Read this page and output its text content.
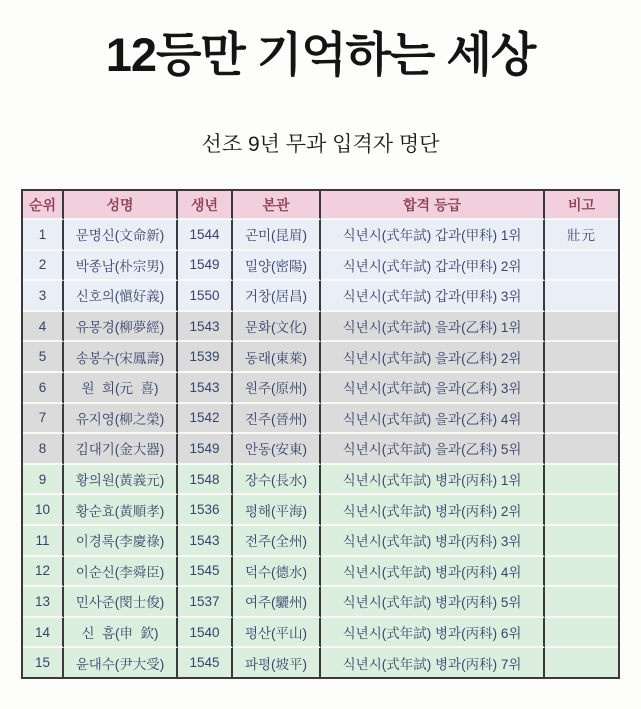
12등만 기억하는 세상
선조 9년 무과 입격자 명단
순위	성명	생년	본관	합격 등급	비고
1	문명신(文命新)	1544	곤미(昆眉)	식년시(式年試) 갑과(甲科) 1위	壯元
2	박종남(朴宗男)	1549	밀양(密陽)	식년시(式年試) 갑과(甲科) 2위	
3	신호의(愼好義)	1550	거창(居昌)	식년시(式年試) 갑과(甲科) 3위	
4	유몽경(柳夢經)	1543	문화(文化)	식년시(式年試) 을과(乙科) 1위	
5	송봉수(宋鳳壽)	1539	동래(東萊)	식년시(式年試) 을과(乙科) 2위	
6	원  희(元  喜)	1543	원주(原州)	식년시(式年試) 을과(乙科) 3위	
7	유지영(柳之榮)	1542	진주(晉州)	식년시(式年試) 을과(乙科) 4위	
8	김대기(金大器)	1549	안동(安東)	식년시(式年試) 을과(乙科) 5위	
9	황의원(黃義元)	1548	장수(長水)	식년시(式年試) 병과(丙科) 1위	
10	황순효(黃順孝)	1536	평해(平海)	식년시(式年試) 병과(丙科) 2위	
11	이경록(李慶祿)	1543	전주(全州)	식년시(式年試) 병과(丙科) 3위	
12	이순신(李舜臣)	1545	덕수(德水)	식년시(式年試) 병과(丙科) 4위	
13	민사준(閔士俊)	1537	여주(驪州)	식년시(式年試) 병과(丙科) 5위	
14	신  흠(申  欽)	1540	평산(平山)	식년시(式年試) 병과(丙科) 6위	
15	윤대수(尹大受)	1545	파평(坡平)	식년시(式年試) 병과(丙科) 7위	
